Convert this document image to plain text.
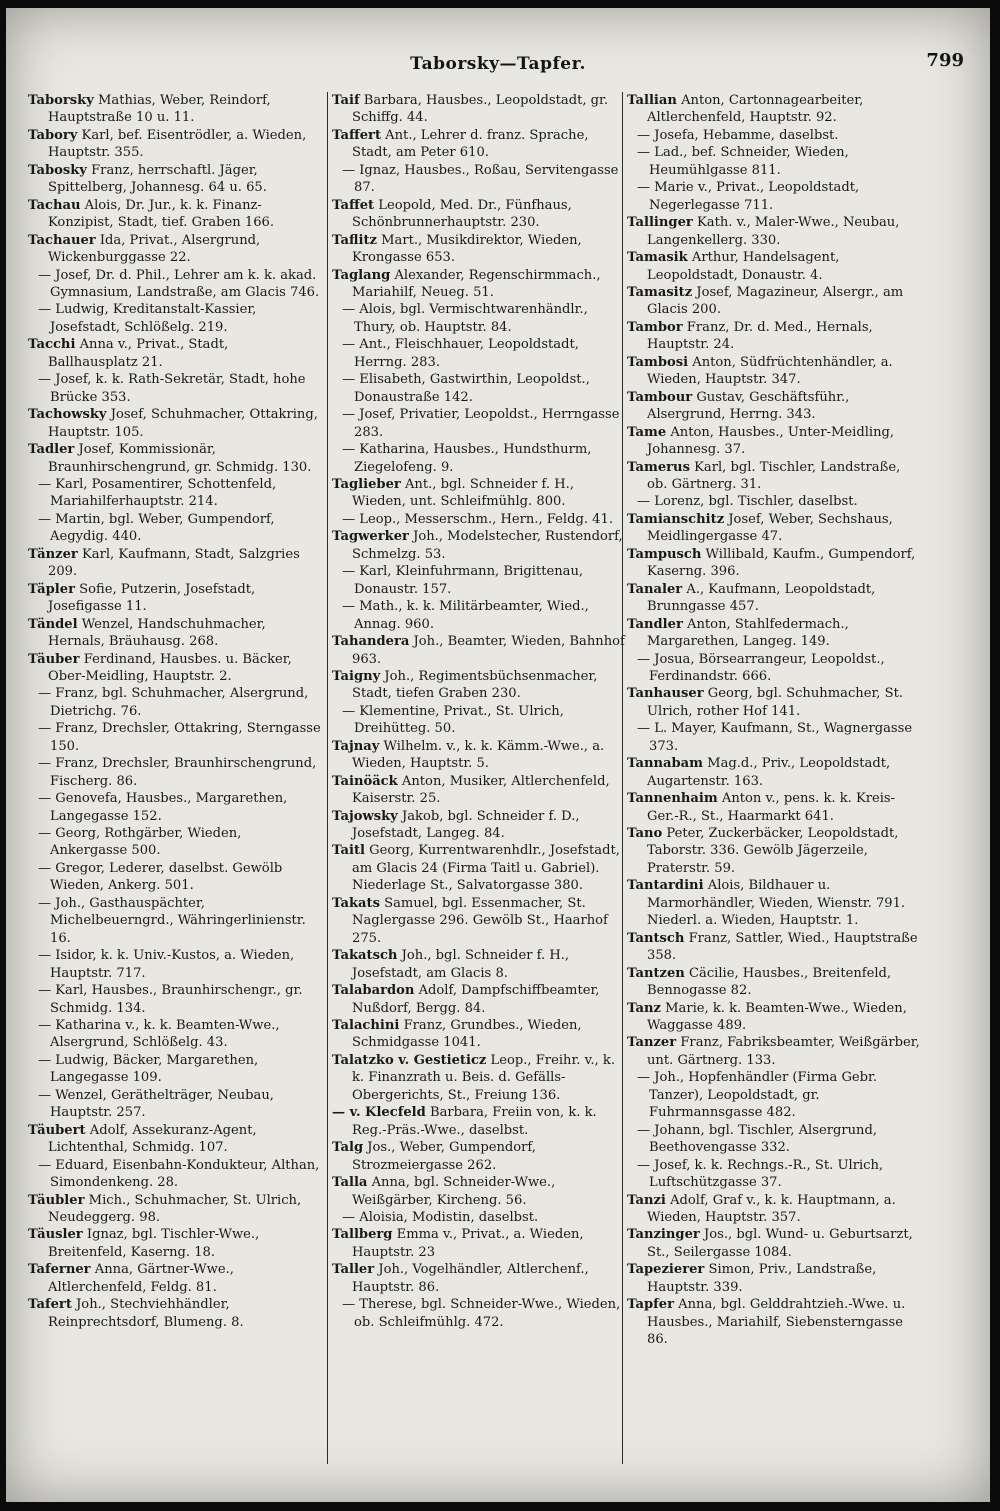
Taborsky—Tapfer.	799

Taborsky Mathias, Weber, Reindorf, Hauptstraße 10 u. 11.

Tabory Karl, bef. Eisentrödler, a. Wieden, Hauptstr. 355.

Tabosky Franz, herrschaftl. Jäger, Spittelberg, Johannesg. 64 u. 65.

Tachau Alois, Dr. Jur., k. k. Finanz-Konzipist, Stadt, tief. Graben 166.

Tachauer Ida, Privat., Alsergrund, Wickenburggasse 22.

— Josef, Dr. d. Phil., Lehrer am k. k. akad. Gymnasium, Landstraße, am Glacis 746.

— Ludwig, Kreditanstalt-Kassier, Josefstadt, Schlößelg. 219.

Tacchi Anna v., Privat., Stadt, Ballhausplatz 21.

— Josef, k. k. Rath-Sekretär, Stadt, hohe Brücke 353.

Tachowsky Josef, Schuhmacher, Ottakring, Hauptstr. 105.

Tadler Josef, Kommissionär, Braunhirschengrund, gr. Schmidg. 130.

— Karl, Posamentirer, Schottenfeld, Mariahilferhauptstr. 214.

— Martin, bgl. Weber, Gumpendorf, Aegydig. 440.

Tänzer Karl, Kaufmann, Stadt, Salzgries 209.

Täpler Sofie, Putzerin, Josefstadt, Josefigasse 11.

Tändel Wenzel, Handschuhmacher, Hernals, Bräuhausg. 268.

Täuber Ferdinand, Hausbes. u. Bäcker, Ober-Meidling, Hauptstr. 2.

— Franz, bgl. Schuhmacher, Alsergrund, Dietrichg. 76.

— Franz, Drechsler, Ottakring, Sterngasse 150.

— Franz, Drechsler, Braunhirschengrund, Fischerg. 86.

— Genovefa, Hausbes., Margarethen, Langegasse 152.

— Georg, Rothgärber, Wieden, Ankergasse 500.

— Gregor, Lederer, daselbst. Gewölb Wieden, Ankerg. 501.

— Joh., Gasthauspächter, Michelbeuerngrd., Währingerlinienstr. 16.

— Isidor, k. k. Univ.-Kustos, a. Wieden, Hauptstr. 717.

— Karl, Hausbes., Braunhirschengr., gr. Schmidg. 134.

— Katharina v., k. k. Beamten-Wwe., Alsergrund, Schlößelg. 43.

— Ludwig, Bäcker, Margarethen, Langegasse 109.

— Wenzel, Geräthelträger, Neubau, Hauptstr. 257.

Täubert Adolf, Assekuranz-Agent, Lichtenthal, Schmidg. 107.

— Eduard, Eisenbahn-Kondukteur, Althan, Simondenkeng. 28.

Täubler Mich., Schuhmacher, St. Ulrich, Neudeggerg. 98.

Täusler Ignaz, bgl. Tischler-Wwe., Breitenfeld, Kaserng. 18.

Taferner Anna, Gärtner-Wwe., Altlerchenfeld, Feldg. 81.

Tafert Joh., Stechviehhändler, Reinprechtsdorf, Blumeng. 8.

Taif Barbara, Hausbes., Leopoldstadt, gr. Schiffg. 44.

Taffert Ant., Lehrer d. franz. Sprache, Stadt, am Peter 610.

— Ignaz, Hausbes., Roßau, Servitengasse 87.

Taffet Leopold, Med. Dr., Fünfhaus, Schönbrunnerhauptstr. 230.

Taflitz Mart., Musikdirektor, Wieden, Krongasse 653.

Taglang Alexander, Regenschirmmach., Mariahilf, Neueg. 51.

— Alois, bgl. Vermischtwarenhändlr., Thury, ob. Hauptstr. 84.

— Ant., Fleischhauer, Leopoldstadt, Herrng. 283.

— Elisabeth, Gastwirthin, Leopoldst., Donaustraße 142.

— Josef, Privatier, Leopoldst., Herrngasse 283.

— Katharina, Hausbes., Hundsthurm, Ziegelofeng. 9.

Taglieber Ant., bgl. Schneider f. H., Wieden, unt. Schleifmühlg. 800.

— Leop., Messerschm., Hern., Feldg. 41.

Tagwerker Joh., Modelstecher, Rustendorf, Schmelzg. 53.

— Karl, Kleinfuhrmann, Brigittenau, Donaustr. 157.

— Math., k. k. Militärbeamter, Wied., Annag. 960.

Tahandera Joh., Beamter, Wieden, Bahnhof 963.

Taigny Joh., Regimentsbüchsenmacher, Stadt, tiefen Graben 230.

— Klementine, Privat., St. Ulrich, Dreihütteg. 50.

Tajnay Wilhelm. v., k. k. Kämm.-Wwe., a. Wieden, Hauptstr. 5.

Tainöäck Anton, Musiker, Altlerchenfeld, Kaiserstr. 25.

Tajowsky Jakob, bgl. Schneider f. D., Josefstadt, Langeg. 84.

Taitl Georg, Kurrentwarenhdlr., Josefstadt, am Glacis 24 (Firma Taitl u. Gabriel). Niederlage St., Salvatorgasse 380.

Takats Samuel, bgl. Essenmacher, St. Naglergasse 296. Gewölb St., Haarhof 275.

Takatsch Joh., bgl. Schneider f. H., Josefstadt, am Glacis 8.

Talabardon Adolf, Dampfschiffbeamter, Nußdorf, Bergg. 84.

Talachini Franz, Grundbes., Wieden, Schmidgasse 1041.

Talatzko v. Gestieticz Leop., Freihr. v., k. k. Finanzrath u. Beis. d. Gefälls-Obergerichts, St., Freiung 136.

— v. Klecfeld Barbara, Freiin von, k. k. Reg.-Präs.-Wwe., daselbst.

Talg Jos., Weber, Gumpendorf, Strozmeiergasse 262.

Talla Anna, bgl. Schneider-Wwe., Weißgärber, Kircheng. 56.

— Aloisia, Modistin, daselbst.

Tallberg Emma v., Privat., a. Wieden, Hauptstr. 23

Taller Joh., Vogelhändler, Altlerchenf., Hauptstr. 86.

— Therese, bgl. Schneider-Wwe., Wieden, ob. Schleifmühlg. 472.

Tallian Anton, Cartonnagearbeiter, Altlerchenfeld, Hauptstr. 92.

— Josefa, Hebamme, daselbst.

— Lad., bef. Schneider, Wieden, Heumühlgasse 811.

— Marie v., Privat., Leopoldstadt, Negerlegasse 711.

Tallinger Kath. v., Maler-Wwe., Neubau, Langenkellerg. 330.

Tamasik Arthur, Handelsagent, Leopoldstadt, Donaustr. 4.

Tamasitz Josef, Magazineur, Alsergr., am Glacis 200.

Tambor Franz, Dr. d. Med., Hernals, Hauptstr. 24.

Tambosi Anton, Südfrüchtenhändler, a. Wieden, Hauptstr. 347.

Tambour Gustav, Geschäftsführ., Alsergrund, Herrng. 343.

Tame Anton, Hausbes., Unter-Meidling, Johannesg. 37.

Tamerus Karl, bgl. Tischler, Landstraße, ob. Gärtnerg. 31.

— Lorenz, bgl. Tischler, daselbst.

Tamianschitz Josef, Weber, Sechshaus, Meidlingergasse 47.

Tampusch Willibald, Kaufm., Gumpendorf, Kaserng. 396.

Tanaler A., Kaufmann, Leopoldstadt, Brunngasse 457.

Tandler Anton, Stahlfedermach., Margarethen, Langeg. 149.

— Josua, Börsearrangeur, Leopoldst., Ferdinandstr. 666.

Tanhauser Georg, bgl. Schuhmacher, St. Ulrich, rother Hof 141.

— L. Mayer, Kaufmann, St., Wagnergasse 373.

Tannabam Mag.d., Priv., Leopoldstadt, Augartenstr. 163.

Tannenhaim Anton v., pens. k. k. Kreis-Ger.-R., St., Haarmarkt 641.

Tano Peter, Zuckerbäcker, Leopoldstadt, Taborstr. 336. Gewölb Jägerzeile, Praterstr. 59.

Tantardini Alois, Bildhauer u. Marmorhändler, Wieden, Wienstr. 791. Niederl. a. Wieden, Hauptstr. 1.

Tantsch Franz, Sattler, Wied., Hauptstraße 358.

Tantzen Cäcilie, Hausbes., Breitenfeld, Bennogasse 82.

Tanz Marie, k. k. Beamten-Wwe., Wieden, Waggasse 489.

Tanzer Franz, Fabriksbeamter, Weißgärber, unt. Gärtnerg. 133.

— Joh., Hopfenhändler (Firma Gebr. Tanzer), Leopoldstadt, gr. Fuhrmannsgasse 482.

— Johann, bgl. Tischler, Alsergrund, Beethovengasse 332.

— Josef, k. k. Rechngs.-R., St. Ulrich, Luftschützgasse 37.

Tanzi Adolf, Graf v., k. k. Hauptmann, a. Wieden, Hauptstr. 357.

Tanzinger Jos., bgl. Wund- u. Geburtsarzt, St., Seilergasse 1084.

Tapezierer Simon, Priv., Landstraße, Hauptstr. 339.

Tapfer Anna, bgl. Gelddrahtzieh.-Wwe. u. Hausbes., Mariahilf, Siebensterngasse 86.
